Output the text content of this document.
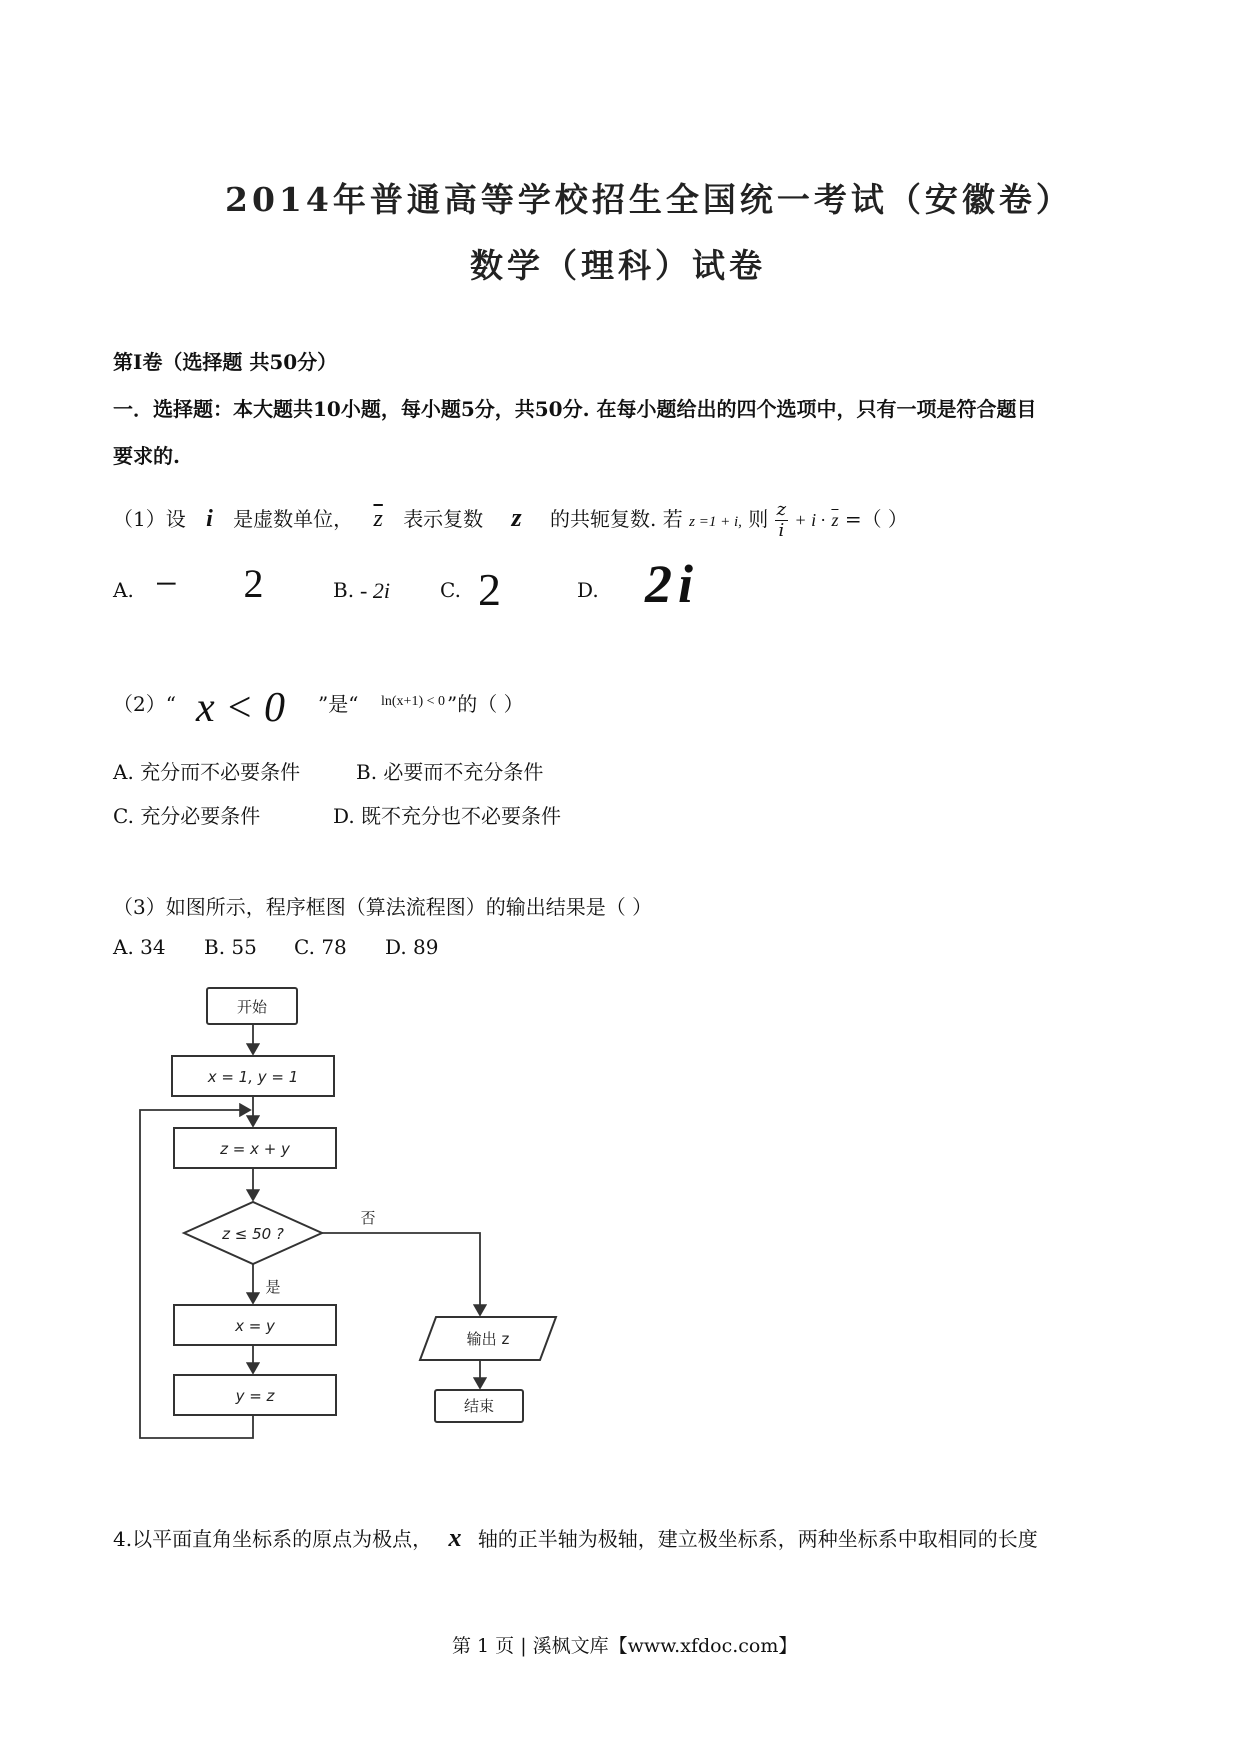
2014年普通高等学校招生全国统一考试（安徽卷）
数学（理科）试卷
第Ⅰ卷（选择题 共50分）
一．选择题：本大题共10小题，每小题5分，共50分. 在每小题给出的四个选项中，只有一项是符合题目
要求的.
（1）设 i 是虚数单位， $\overline{z}$ 表示复数 z 的共轭复数. 若 z =1 + i, 则 $\frac{z}{i} + i \cdot \overline{z}$ =（ ）
A. − 2 B. - 2i	C. 2	D. 2i
（2）“ x < 0 ”是“ ln(x+1) < 0 ”的（ ）
A. 充分而不必要条件	B. 必要而不充分条件
C. 充分必要条件	D. 既不充分也不必要条件
（3）如图所示，程序框图（算法流程图）的输出结果是（ ）
A. 34 B. 55 C. 78 D. 89
开始
x = 1, y = 1
z = x + y
z ≤ 50 ?
x = y
y = z
输出 z
结束
否
是
4.以平面直角坐标系的原点为极点， x 轴的正半轴为极轴，建立极坐标系，两种坐标系中取相同的长度
第 1 页 | 溪枫文库【www.xfdoc.com】
